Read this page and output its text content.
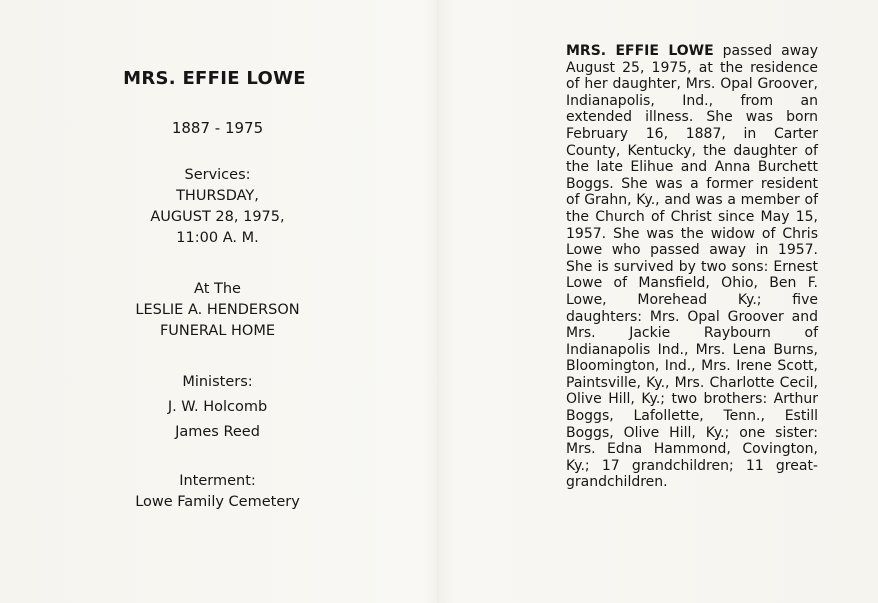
MRS. EFFIE LOWE
1887 - 1975
Services:
THURSDAY,
AUGUST 28, 1975,
11:00 A. M.
At The
LESLIE A. HENDERSON
FUNERAL HOME
Ministers:
J. W. Holcomb
James Reed
Interment:
Lowe Family Cemetery

MRS. EFFIE LOWE passed away August 25, 1975, at the residence of her daughter, Mrs. Opal Groover, Indianapolis, Ind., from an extended illness. She was born February 16, 1887, in Carter County, Kentucky, the daughter of the late Elihue and Anna Burchett Boggs. She was a former resident of Grahn, Ky., and was a member of the Church of Christ since May 15, 1957. She was the widow of Chris Lowe who passed away in 1957. She is survived by two sons: Ernest Lowe of Mansfield, Ohio, Ben F. Lowe, Morehead Ky.; five daughters: Mrs. Opal Groover and Mrs. Jackie Raybourn of Indianapolis Ind., Mrs. Lena Burns, Bloomington, Ind., Mrs. Irene Scott, Paintsville, Ky., Mrs. Charlotte Cecil, Olive Hill, Ky.; two brothers: Arthur Boggs, Lafollette, Tenn., Estill Boggs, Olive Hill, Ky.; one sister: Mrs. Edna Hammond, Covington, Ky.; 17 grandchildren; 11 great-grandchildren.
